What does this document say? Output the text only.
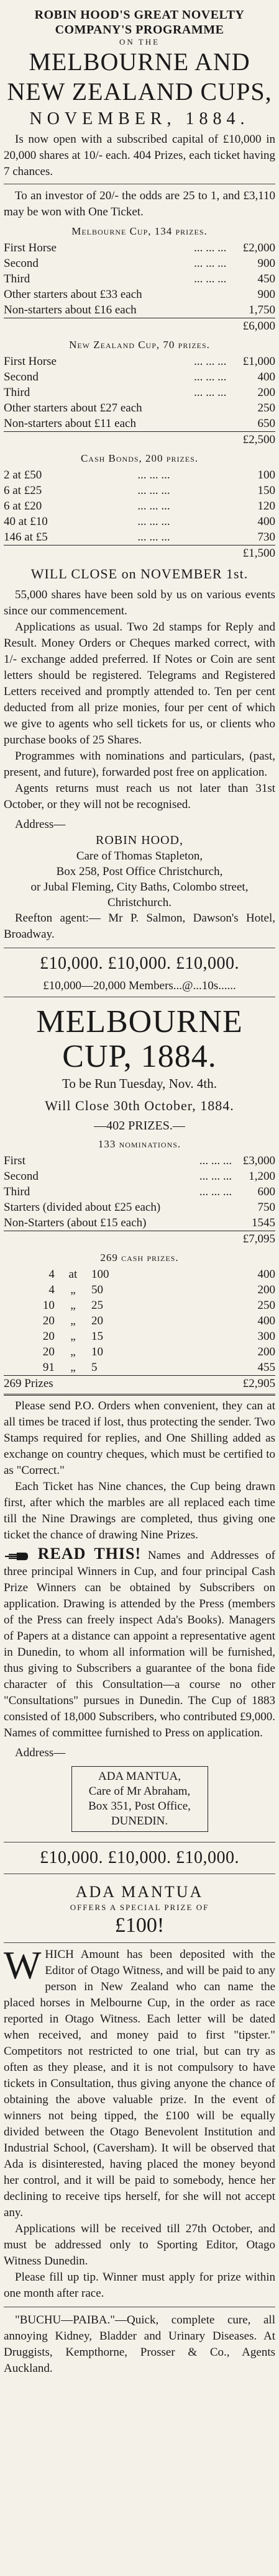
ROBIN HOOD'S GREAT NOVELTY COMPANY'S PROGRAMME
ON THE
MELBOURNE AND NEW ZEALAND CUPS,
NOVEMBER, 1884.

Is now open with a subscribed capital of £10,000 in 20,000 shares at 10/- each. 404 Prizes, each ticket having 7 chances.

To an investor of 20/- the odds are 25 to 1, and £3,110 may be won with One Ticket.

Melbourne Cup, 134 prizes.
First Horse	... ... ...	£2,000
Second	... ... ...	900
Third	... ... ...	450
Other starters about £33 each		900
Non-starters about £16 each		1,750
		£6,000
New Zealand Cup, 70 prizes.
First Horse	... ... ...	£1,000
Second	... ... ...	400
Third	... ... ...	200
Other starters about £27 each		250
Non-starters about £11 each		650
		£2,500
Cash Bonds, 200 prizes.
2 at £50	... ... ...	100
6 at £25	... ... ...	150
6 at £20	... ... ...	120
40 at £10	... ... ...	400
146 at £5	... ... ...	730
		£1,500
WILL CLOSE on NOVEMBER 1st.

55,000 shares have been sold by us on various events since our commencement.

Applications as usual. Two 2d stamps for Reply and Result. Money Orders or Cheques marked correct, with 1/- exchange added preferred. If Notes or Coin are sent letters should be registered. Telegrams and Registered Letters received and promptly attended to. Ten per cent deducted from all prize monies, four per cent of which we give to agents who sell tickets for us, or clients who purchase books of 25 Shares.

Programmes with nominations and particulars, (past, present, and future), forwarded post free on application.

Agents returns must reach us not later than 31st October, or they will not be recognised.

Address—

ROBIN HOOD,
Care of Thomas Stapleton,
Box 258, Post Office Christchurch,
or Jubal Fleming, City Baths, Colombo street, Christchurch.

Reefton agent:— Mr P. Salmon, Dawson's Hotel, Broadway.

£10,000. £10,000. £10,000.
£10,000—20,000 Members...@...10s......
MELBOURNE CUP, 1884.
To be Run Tuesday, Nov. 4th.
Will Close 30th October, 1884.
—402 PRIZES.—
133 nominations.
First	... ... ...	£3,000
Second	... ... ...	1,200
Third	... ... ...	600
Starters (divided about £25 each)		750
Non-Starters (about £15 each)		1545
		£7,095
269 cash prizes.
4	at	100	400
4	„	50	200
10	„	25	250
20	„	20	400
20	„	15	300
20	„	10	200
91	„	5	455
269 Prizes			£2,905

Please send P.O. Orders when convenient, they can at all times be traced if lost, thus protecting the sender. Two Stamps required for replies, and One Shilling added as exchange on country cheques, which must be certified to as "Correct."

Each Ticket has Nine chances, the Cup being drawn first, after which the marbles are all replaced each time till the Nine Drawings are completed, thus giving one ticket the chance of drawing Nine Prizes.

READ THIS! Names and Addresses of three principal Winners in Cup, and four principal Cash Prize Winners can be obtained by Subscribers on application. Drawing is attended by the Press (members of the Press can freely inspect Ada's Books). Managers of Papers at a distance can appoint a representative agent in Dunedin, to whom all information will be furnished, thus giving to Subscribers a guarantee of the bona fide character of this Consultation—a course no other "Consultations" pursues in Dunedin. The Cup of 1883 consisted of 18,000 Subscribers, who contributed £9,000. Names of committee furnished to Press on application.

Address—

ADA MANTUA,
Care of Mr Abraham,
Box 351, Post Office,
DUNEDIN.
£10,000. £10,000. £10,000.
ADA MANTUA
OFFERS A SPECIAL PRIZE OF
£100!

W HICH Amount has been deposited with the Editor of Otago Witness, and will be paid to any person in New Zealand who can name the placed horses in Melbourne Cup, in the order as race reported in Otago Witness. Each letter will be dated when received, and money paid to first "tipster." Competitors not restricted to one trial, but can try as often as they please, and it is not compulsory to have tickets in Consultation, thus giving anyone the chance of obtaining the above valuable prize. In the event of winners not being tipped, the £100 will be equally divided between the Otago Benevolent Institution and Industrial School, (Caversham). It will be observed that Ada is disinterested, having placed the money beyond her control, and it will be paid to somebody, hence her declining to receive tips herself, for she will not accept any.

Applications will be received till 27th October, and must be addressed only to Sporting Editor, Otago Witness Dunedin.

Please fill up tip. Winner must apply for prize within one month after race.

"BUCHU—PAIBA."—Quick, complete cure, all annoying Kidney, Bladder and Urinary Diseases. At Druggists, Kempthorne, Prosser & Co., Agents Auckland.
